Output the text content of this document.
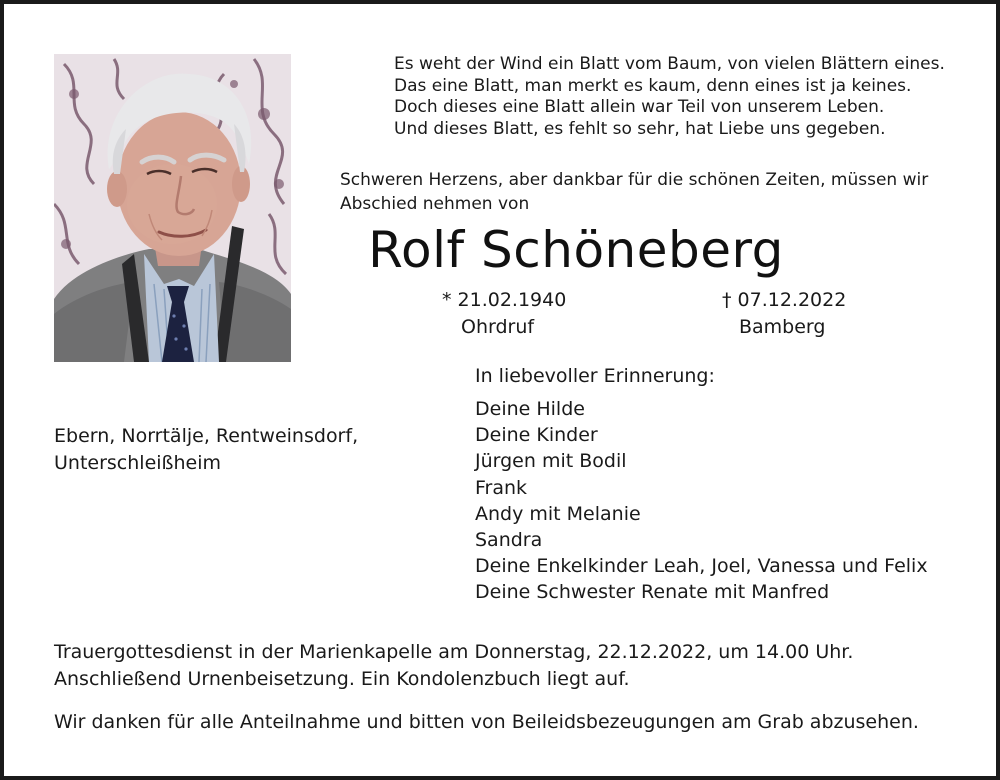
Es weht der Wind ein Blatt vom Baum, von vielen Blättern eines.
Das eine Blatt, man merkt es kaum, denn eines ist ja keines.
Doch dieses eine Blatt allein war Teil von unserem Leben.
Und dieses Blatt, es fehlt so sehr, hat Liebe uns gegeben.
Schweren Herzens, aber dankbar für die schönen Zeiten, müssen wir
Abschied nehmen von
Rolf Schöneberg
* 21.02.1940
Ohrdruf
† 07.12.2022
Bamberg
In liebevoller Erinnerung:
Deine Hilde
Deine Kinder
Jürgen mit Bodil
Frank
Andy mit Melanie
Sandra
Deine Enkelkinder Leah, Joel, Vanessa und Felix
Deine Schwester Renate mit Manfred
Ebern, Norrtälje, Rentweinsdorf,
Unterschleißheim
Trauergottesdienst in der Marienkapelle am Donnerstag, 22.12.2022, um 14.00 Uhr.
Anschließend Urnenbeisetzung. Ein Kondolenzbuch liegt auf.
Wir danken für alle Anteilnahme und bitten von Beileidsbezeugungen am Grab abzusehen.
